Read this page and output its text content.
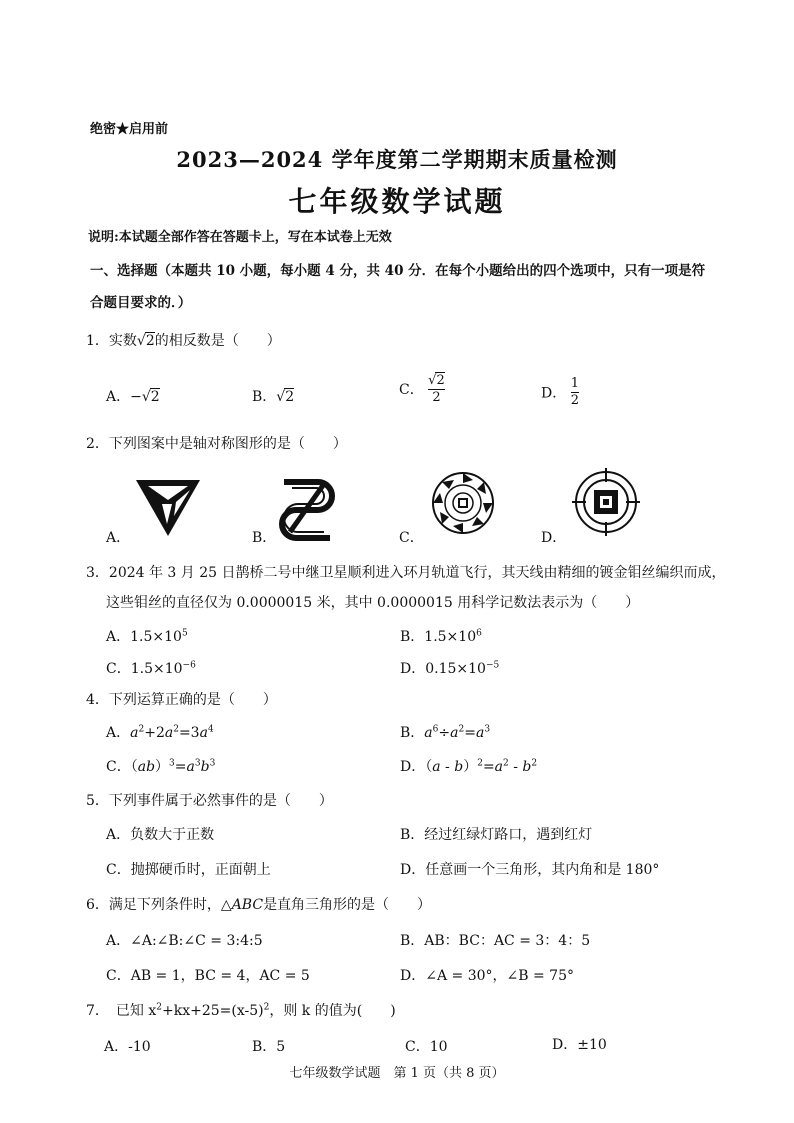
绝密★启用前
2023—2024 学年度第二学期期末质量检测
七年级数学试题
说明:本试题全部作答在答题卡上，写在本试卷上无效
一、选择题（本题共 10 小题，每小题 4 分，共 40 分．在每个小题给出的四个选项中，只有一项是符
合题目要求的．）
1．实数√2的相反数是（　　）
A．−√2	B．√2	C． $\frac{√2}{2}$	D． $\frac{1}{2}$
2．下列图案中是轴对称图形的是（　　）
A．	B．	C．	D．
3．2024 年 3 月 25 日鹊桥二号中继卫星顺利进入环月轨道飞行，其天线由精细的镀金钼丝编织而成，
这些钼丝的直径仅为 0.0000015 米，其中 0.0000015 用科学记数法表示为（　　）
A．$1.5\times 10^5$	B．$1.5\times 10^6$
C．$1.5\times 10^{-6}$	D．$0.15\times 10^{-5}$
4．下列运算正确的是（　　）
A．$a^2+2a^2=3a^4$	B．$a^6\div a^2=a^3$
C．$(ab)^3=a^3b^3$	D．$(a - b)^2=a^2 - b^2$
5．下列事件属于必然事件的是（　　）
A．负数大于正数	B．经过红绿灯路口，遇到红灯
C．抛掷硬币时，正面朝上	D．任意画一个三角形，其内角和是 180°
6．满足下列条件时，△ABC是直角三角形的是（　　）
A．∠A:∠B:∠C = 3:4:5	B．AB：BC：AC = 3：4：5
C．AB = 1，BC = 4，AC = 5	D．∠A = 30°，∠B = 75°
7．　已知 $x^2+kx+25=(x-5)^2$，则 k 的值为(　　)
A．-10	B．5	C．10	D．±10
七年级数学试题　第 1 页（共 8 页）
